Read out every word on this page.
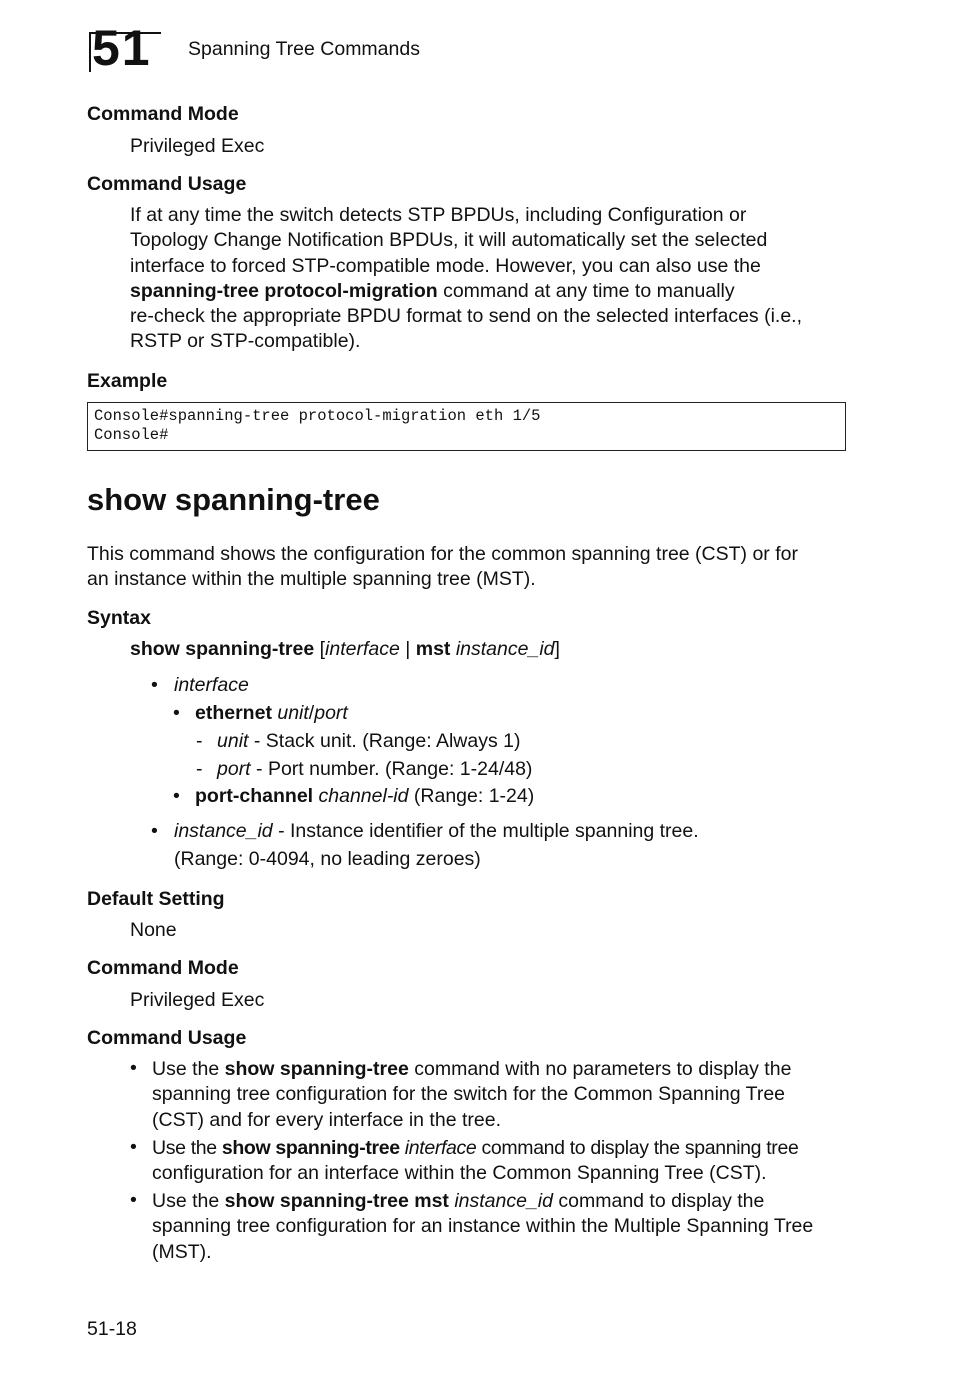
51 Spanning Tree Commands
Command Mode
Privileged Exec
Command Usage
If at any time the switch detects STP BPDUs, including Configuration or
Topology Change Notification BPDUs, it will automatically set the selected
interface to forced STP-compatible mode. However, you can also use the
spanning-tree protocol-migration command at any time to manually
re-check the appropriate BPDU format to send on the selected interfaces (i.e.,
RSTP or STP-compatible).
Example
Console#spanning-tree protocol-migration eth 1/5
Console#
show spanning-tree
This command shows the configuration for the common spanning tree (CST) or for
an instance within the multiple spanning tree (MST).
Syntax
show spanning-tree [interface | mst instance_id]
• interface
• ethernet unit/port
- unit - Stack unit. (Range: Always 1)
- port - Port number. (Range: 1-24/48)
• port-channel channel-id (Range: 1-24)
• instance_id - Instance identifier of the multiple spanning tree.
(Range: 0-4094, no leading zeroes)
Default Setting
None
Command Mode
Privileged Exec
Command Usage
• Use the show spanning-tree command with no parameters to display the
spanning tree configuration for the switch for the Common Spanning Tree
(CST) and for every interface in the tree.
• Use the show spanning-tree interface command to display the spanning tree
configuration for an interface within the Common Spanning Tree (CST).
• Use the show spanning-tree mst instance_id command to display the
spanning tree configuration for an instance within the Multiple Spanning Tree
(MST).
51-18
